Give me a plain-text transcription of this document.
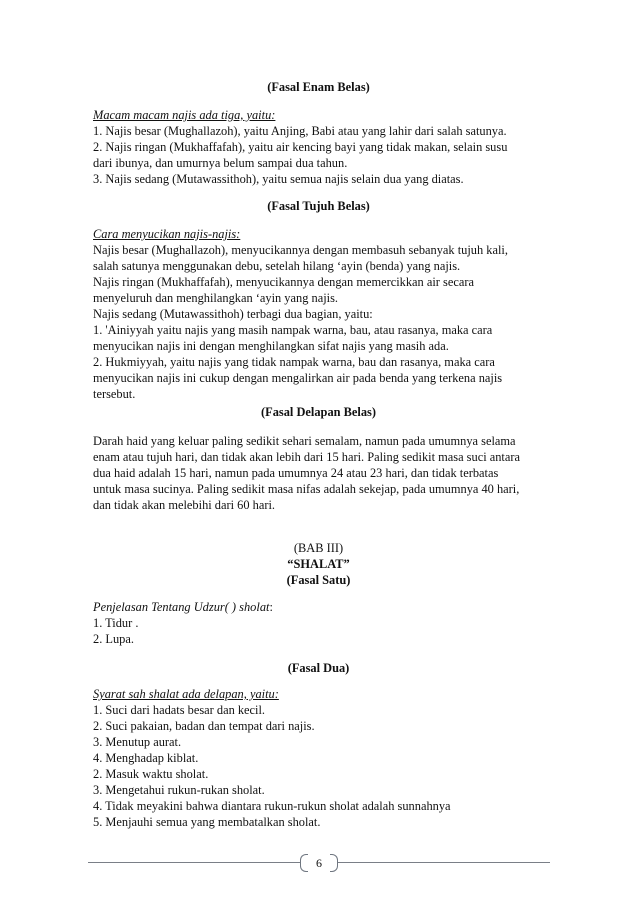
(Fasal Enam Belas)
Macam macam najis ada tiga, yaitu:
1. Najis besar (Mughallazoh), yaitu Anjing, Babi atau yang lahir dari salah satunya.
2. Najis ringan (Mukhaffafah), yaitu air kencing bayi yang tidak makan, selain susu
dari ibunya, dan umurnya belum sampai dua tahun.
3. Najis sedang (Mutawassithoh), yaitu semua najis selain dua yang diatas.
(Fasal Tujuh Belas)
Cara menyucikan najis-najis:
Najis besar (Mughallazoh), menyucikannya dengan membasuh sebanyak tujuh kali,
salah satunya menggunakan debu, setelah hilang ‘ayin (benda) yang najis.
Najis ringan (Mukhaffafah), menyucikannya dengan memercikkan air secara
menyeluruh dan menghilangkan ‘ayin yang najis.
Najis sedang (Mutawassithoh) terbagi dua bagian, yaitu:
1. 'Ainiyyah yaitu najis yang masih nampak warna, bau, atau rasanya, maka cara
menyucikan najis ini dengan menghilangkan sifat najis yang masih ada.
2. Hukmiyyah, yaitu najis yang tidak nampak warna, bau dan rasanya, maka cara
menyucikan najis ini cukup dengan mengalirkan air pada benda yang terkena najis
tersebut.
(Fasal Delapan Belas)
Darah haid yang keluar paling sedikit sehari semalam, namun pada umumnya selama
enam atau tujuh hari, dan tidak akan lebih dari 15 hari. Paling sedikit masa suci antara
dua haid adalah 15 hari, namun pada umumnya 24 atau 23 hari, dan tidak terbatas
untuk masa sucinya. Paling sedikit masa nifas adalah sekejap, pada umumnya 40 hari,
dan tidak akan melebihi dari 60 hari.
(BAB III)
“SHALAT”
(Fasal Satu)
Penjelasan Tentang Udzur( ) sholat:
1. Tidur .
2. Lupa.
(Fasal Dua)
Syarat sah shalat ada delapan, yaitu:
1. Suci dari hadats besar dan kecil.
2. Suci pakaian, badan dan tempat dari najis.
3. Menutup aurat.
4. Menghadap kiblat.
2. Masuk waktu sholat.
3. Mengetahui rukun-rukan sholat.
4. Tidak meyakini bahwa diantara rukun-rukun sholat adalah sunnahnya
5. Menjauhi semua yang membatalkan sholat.
6
